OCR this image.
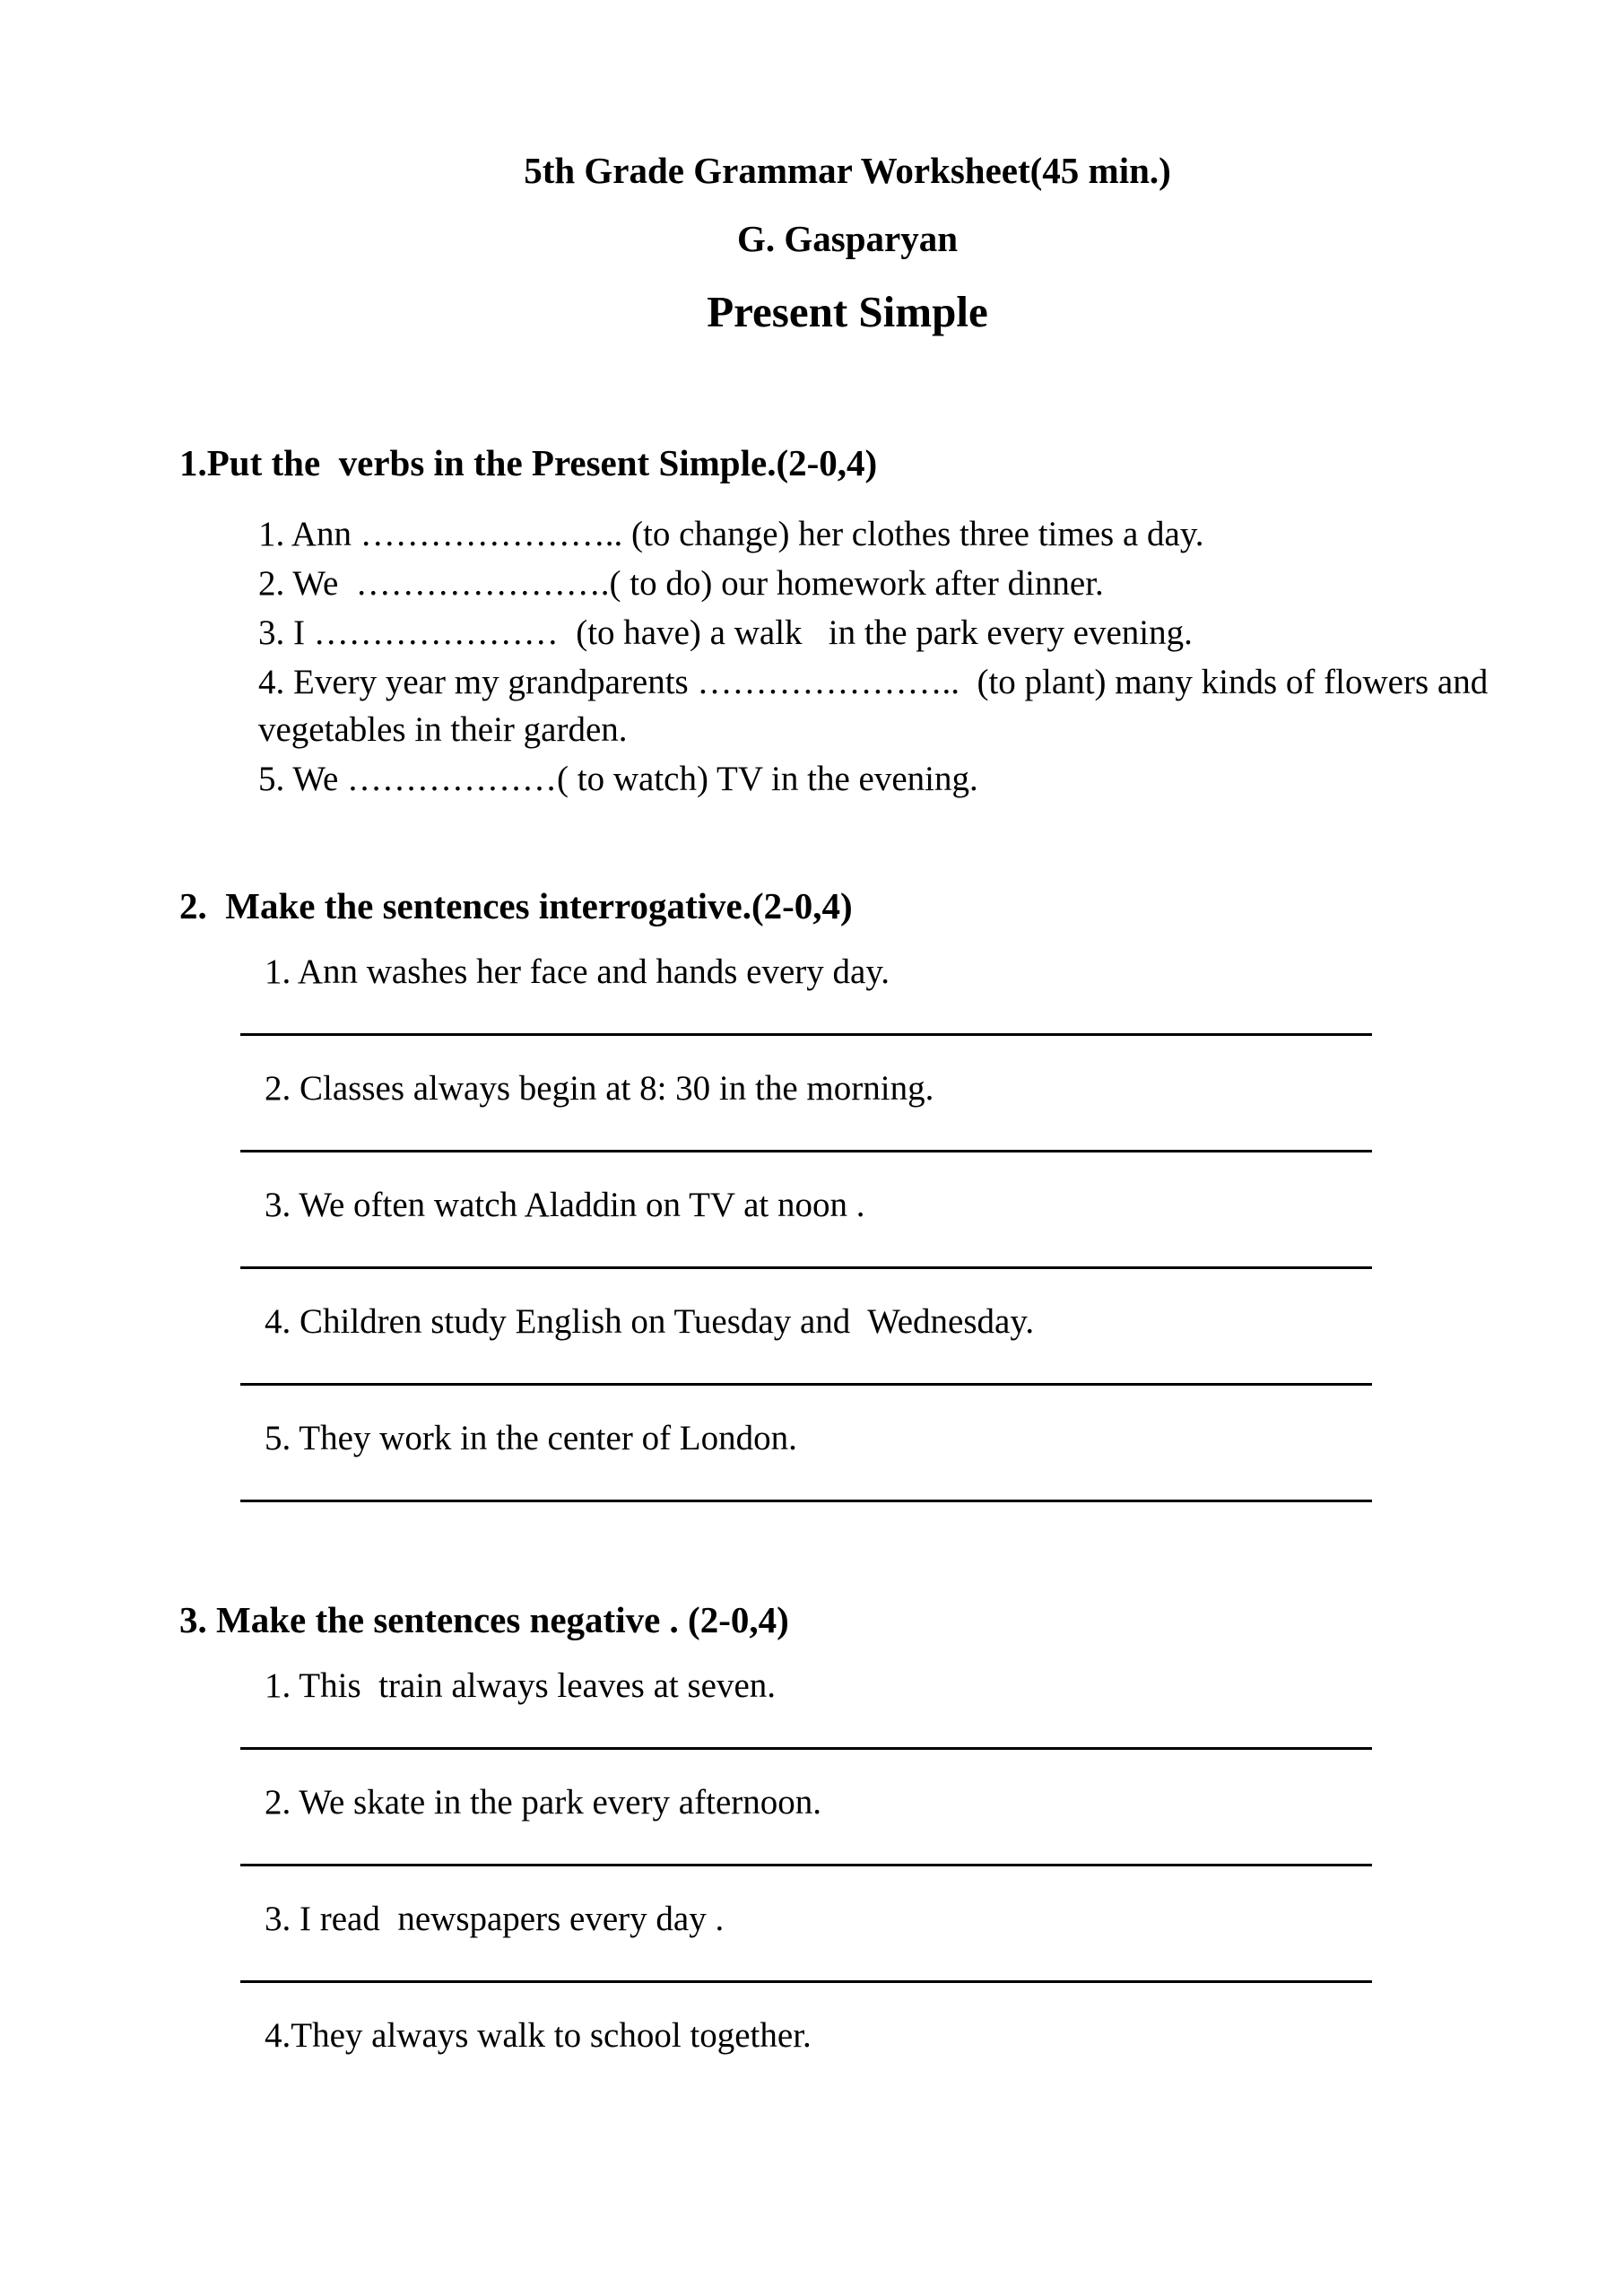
5th Grade Grammar Worksheet(45 min.)

G. Gasparyan

Present Simple

1.Put the  verbs in the Present Simple.(2-0,4)

1. Ann ………………….. (to change) her clothes three times a day.

2. We  ………………….( to do) our homework after dinner.

3. I …………………  (to have) a walk   in the park every evening.

4. Every year my grandparents …………………..  (to plant) many kinds of flowers and vegetables in their garden.

5. We ………………( to watch) TV in the evening.

2.  Make the sentences interrogative.(2-0,4)

1. Ann washes her face and hands every day.

2. Classes always begin at 8: 30 in the morning.

3. We often watch Aladdin on TV at noon .

4. Children study English on Tuesday and  Wednesday.

5. They work in the center of London.

3. Make the sentences negative . (2-0,4)

1. This  train always leaves at seven.

2. We skate in the park every afternoon.

3. I read  newspapers every day .

4.They always walk to school together.
